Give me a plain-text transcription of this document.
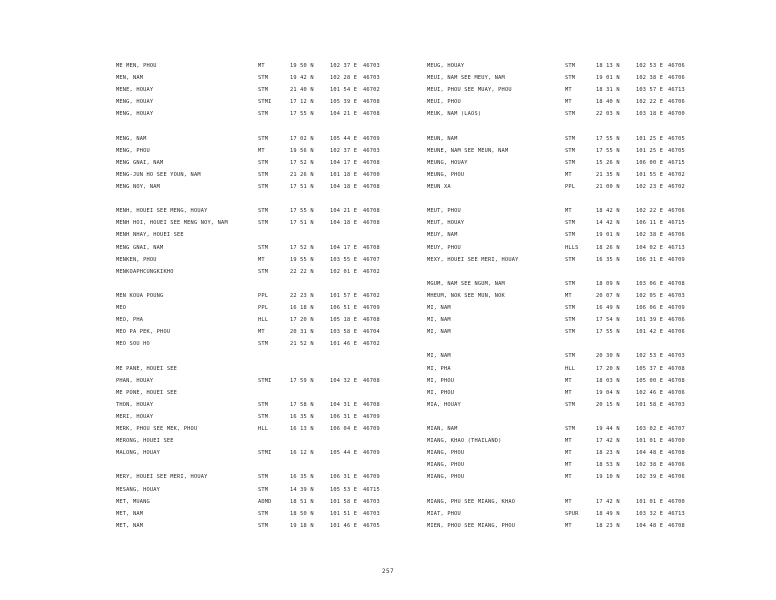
ME MEN, PHOU	MT	19 50 N	102 37 E 46703
MEN, NAM	STM	19 42 N	102 28 E 46703
MENE, HOUAY	STM	21 40 N	101 54 E 46702
MENG, HOUAY	STMI	17 12 N	105 39 E 46708
MENG, HOUAY	STM	17 55 N	104 21 E 46708
MENG, NAM	STM	17 02 N	105 44 E 46709
MENG, PHOU	MT	19 56 N	102 37 E 46703
MENG GNAI, NAM	STM	17 52 N	104 17 E 46708
MENG-JUN HO SEE YOUN, NAM	STM	21 26 N	101 18 E 46700
MENG NOY, NAM	STM	17 51 N	104 18 E 46708
MENH, HOUEI SEE MENG, HOUAY	STM	17 55 N	104 21 E 46708
MENH HOI, HOUEI SEE MENG NOY, NAM	STM	17 51 N	104 18 E 46708
MENH NHAY, HOUEI SEE
MENG GNAI, NAM	STM	17 52 N	104 17 E 46708
MENKEN, PHOU	MT	19 55 N	103 55 E 46707
MENKOAPHCUNGKIKHO	STM	22 22 N	102 01 E 46702
MEN KOUA POUNG	PPL	22 23 N	101 57 E 46702
MEO	PPL	16 18 N	106 51 E 46709
MEO, PHA	HLL	17 20 N	105 18 E 46708
MEO PA PEK, PHOU	MT	20 31 N	103 58 E 46704
MEO SOU HO	STM	21 52 N	101 46 E 46702
ME PANE, HOUEI SEE
PHAN, HOUAY	STMI	17 59 N	104 32 E 46708
ME PONE, HOUEI SEE
THON, HOUAY	STM	17 58 N	104 31 E 46708
MERI, HOUAY	STM	16 35 N	106 31 E 46709
MERK, PHOU SEE MEK, PHOU	HLL	16 13 N	106 04 E 46709
MERONG, HOUEI SEE
MALONG, HOUAY	STMI	16 12 N	105 44 E 46709
MERY, HOUEI SEE MERI, HOUAY	STM	16 35 N	106 31 E 46709
MESANG, HOUAY	STM	14 39 N	105 53 E 46715
MET, MUANG	ADMD	18 51 N	101 58 E 46703
MET, NAM	STM	18 50 N	101 51 E 46703
MET, NAM	STM	19 18 N	101 46 E 46705
MEUG, HOUAY	STM	18 13 N	102 53 E 46706
MEUI, NAM SEE MEUY, NAM	STM	19 01 N	102 38 E 46706
MEUI, PHOU SEE MUAY, PHOU	MT	18 31 N	103 57 E 46713
MEUI, PHOU	MT	18 40 N	102 22 E 46706
MEUK, NAM (LAOS)	STM	22 03 N	103 18 E 46700
MEUN, NAM	STM	17 55 N	101 25 E 46705
MEUNE, NAM SEE MEUN, NAM	STM	17 55 N	101 25 E 46705
MEUNG, HOUAY	STM	15 26 N	106 00 E 46715
MEUNG, PHOU	MT	21 35 N	101 55 E 46702
MEUN XA	PPL	21 00 N	102 23 E 46702
MEUT, PHOU	MT	18 42 N	102 22 E 46706
MEUT, HOUAY	STM	14 42 N	106 11 E 46715
MEUY, NAM	STM	19 01 N	102 38 E 46706
MEUY, PHOU	HLLS	18 26 N	104 02 E 46713
MEXY, HOUEI SEE MERI, HOUAY	STM	16 35 N	106 31 E 46709
MGUM, NAM SEE NGUM, NAM	STM	18 09 N	103 06 E 46708
MHEUM, NOK SEE MUN, NOK	MT	20 07 N	102 05 E 46703
MI, NAM	STM	16 49 N	106 06 E 46709
MI, NAM	STM	17 54 N	101 39 E 46706
MI, NAM	STM	17 55 N	101 42 E 46706
MI, NAM	STM	20 30 N	102 53 E 46703
MI, PHA	HLL	17 20 N	105 37 E 46708
MI, PHOU	MT	18 03 N	105 00 E 46708
MI, PHOU	MT	19 04 N	102 46 E 46706
MIA, HOUAY	STM	20 15 N	101 58 E 46703
MIAN, NAM	STM	19 44 N	103 02 E 46707
MIANG, KHAO (THAILAND)	MT	17 42 N	101 01 E 46700
MIANG, PHOU	MT	18 23 N	104 48 E 46708
MIANG, PHOU	MT	18 53 N	102 38 E 46706
MIANG, PHOU	MT	19 10 N	102 39 E 46706
MIANG, PHU SEE MIANG, KHAO	MT	17 42 N	101 01 E 46700
MIAT, PHOU	SPUR	18 49 N	103 32 E 46713
MIEN, PHOU SEE MIANG, PHOU	MT	18 23 N	104 48 E 46708
257
